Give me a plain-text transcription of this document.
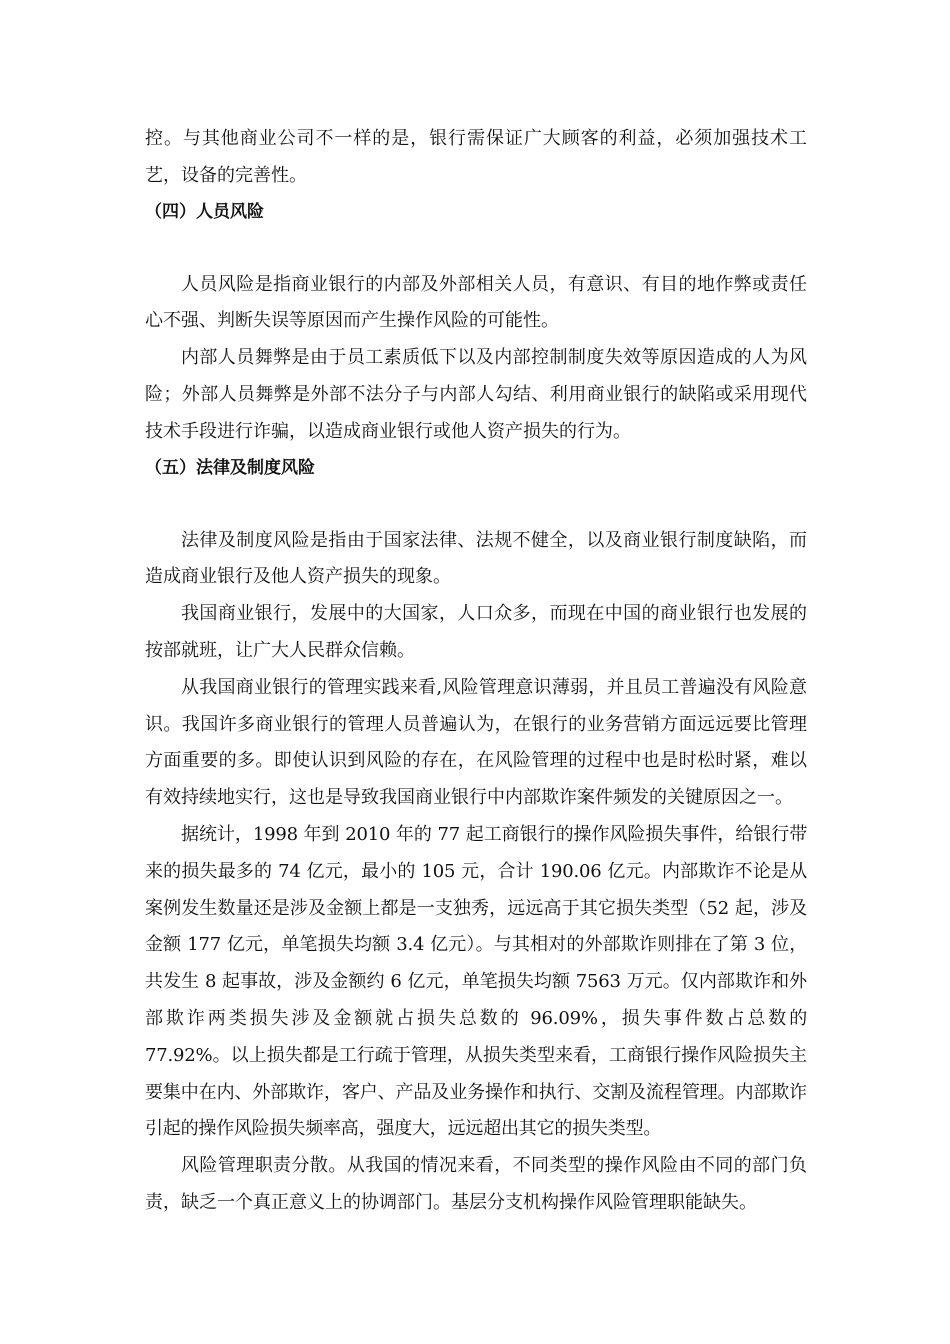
控。与其他商业公司不一样的是，银行需保证广大顾客的利益，必须加强技术工艺，设备的完善性。

（四）人员风险

人员风险是指商业银行的内部及外部相关人员，有意识、有目的地作弊或责任心不强、判断失误等原因而产生操作风险的可能性。

内部人员舞弊是由于员工素质低下以及内部控制制度失效等原因造成的人为风险；外部人员舞弊是外部不法分子与内部人勾结、利用商业银行的缺陷或采用现代技术手段进行诈骗，以造成商业银行或他人资产损失的行为。

（五）法律及制度风险

法律及制度风险是指由于国家法律、法规不健全，以及商业银行制度缺陷，而造成商业银行及他人资产损失的现象。

我国商业银行，发展中的大国家，人口众多，而现在中国的商业银行也发展的按部就班，让广大人民群众信赖。

从我国商业银行的管理实践来看,风险管理意识薄弱，并且员工普遍没有风险意识。我国许多商业银行的管理人员普遍认为，在银行的业务营销方面远远要比管理方面重要的多。即使认识到风险的存在，在风险管理的过程中也是时松时紧，难以有效持续地实行，这也是导致我国商业银行中内部欺诈案件频发的关键原因之一。

据统计，1998 年到 2010 年的 77 起工商银行的操作风险损失事件，给银行带来的损失最多的 74 亿元，最小的 105 元，合计 190.06 亿元。内部欺诈不论是从案例发生数量还是涉及金额上都是一支独秀，远远高于其它损失类型（52 起，涉及金额 177 亿元，单笔损失均额 3.4 亿元）。与其相对的外部欺诈则排在了第 3 位，共发生 8 起事故，涉及金额约 6 亿元，单笔损失均额 7563 万元。仅内部欺诈和外部欺诈两类损失涉及金额就占损失总数的 96.09%，损失事件数占总数的 77.92%。以上损失都是工行疏于管理，从损失类型来看，工商银行操作风险损失主要集中在内、外部欺诈，客户、产品及业务操作和执行、交割及流程管理。内部欺诈引起的操作风险损失频率高，强度大，远远超出其它的损失类型。

风险管理职责分散。从我国的情况来看，不同类型的操作风险由不同的部门负责，缺乏一个真正意义上的协调部门。基层分支机构操作风险管理职能缺失。
